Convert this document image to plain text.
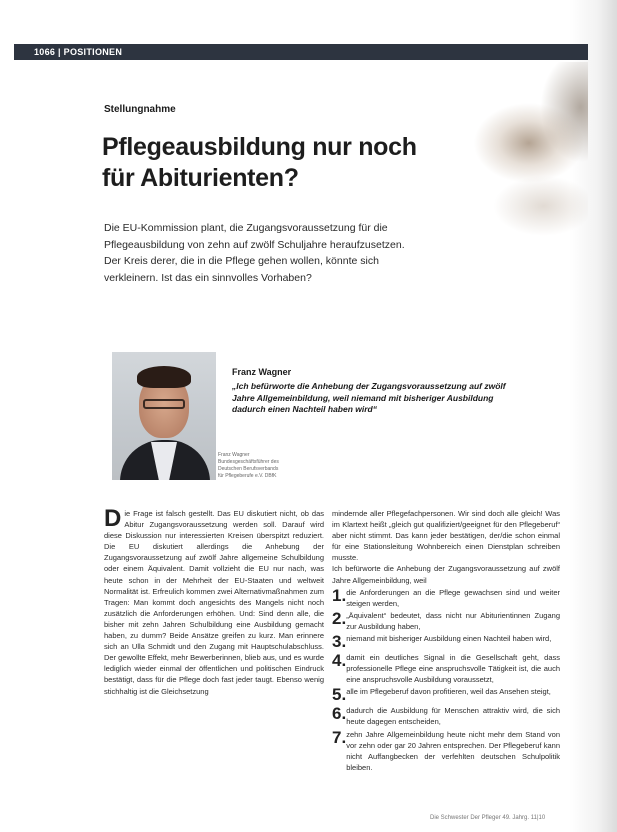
1066 | POSITIONEN
Stellungnahme
Pflegeausbildung nur noch
für Abiturienten?

Die EU-Kommission plant, die Zugangsvoraussetzung für die Pflegeausbildung von zehn auf zwölf Schuljahre heraufzusetzen. Der Kreis derer, die in die Pflege gehen wollen, könnte sich verkleinern. Ist das ein sinnvolles Vorhaben?

Franz Wagner
Bundesgeschäftsführer des
Deutschen Berufsverbands
für Pflegeberufe e.V. DBfK

Franz Wagner

„Ich befürworte die Anhebung der Zugangsvoraussetzung auf zwölf Jahre Allgemeinbildung, weil niemand mit bisheriger Ausbildung dadurch einen Nachteil haben wird“

Die Frage ist falsch gestellt. Das EU diskutiert nicht, ob das Abitur Zugangsvoraussetzung werden soll. Darauf wird diese Diskussion nur interessierten Kreisen überspitzt reduziert. Die EU diskutiert allerdings die Anhebung der Zugangsvoraussetzung auf zwölf Jahre allgemeine Schulbildung oder einem Äquivalent. Damit vollzieht die EU nur nach, was heute schon in der Mehrheit der EU-Staaten und weltweit Normalität ist. Erfreulich kommen zwei Alternativmaßnahmen zum Tragen: Man kommt doch angesichts des Mangels nicht noch zusätzlich die Anforderungen erhöhen. Und: Sind denn alle, die bisher mit zehn Jahren Schulbildung eine Ausbildung gemacht haben, zu dumm? Beide Ansätze greifen zu kurz. Man erinnere sich an Ulla Schmidt und den Zugang mit Hauptschulabschluss. Der gewollte Effekt, mehr Bewerberinnen, blieb aus, und es wurde lediglich wieder einmal der öffentlichen und politischen Eindruck bestätigt, dass für die Pflege doch fast jeder taugt. Ebenso wenig stichhaltig ist die Gleichsetzung

mindernde aller Pflegefachpersonen. Wir sind doch alle gleich! Was im Klartext heißt „gleich gut qualifiziert/geeignet für den Pflegeberuf“ aber nicht stimmt. Das kann jeder bestätigen, der/die schon einmal für eine Stationsleitung Wohnbereich einen Dienstplan schreiben musste.

Ich befürworte die Anhebung der Zugangsvoraussetzung auf zwölf Jahre Allgemeinbildung, weil

1. die Anforderungen an die Pflege gewachsen sind und weiter steigen werden,
2. „Äquivalent“ bedeutet, dass nicht nur Abiturientinnen Zugang zur Ausbildung haben,
3. niemand mit bisheriger Ausbildung einen Nachteil haben wird,
4. damit ein deutliches Signal in die Gesellschaft geht, dass professionelle Pflege eine anspruchsvolle Tätigkeit ist, die auch eine anspruchsvolle Ausbildung voraussetzt,
5. alle im Pflegeberuf davon profitieren, weil das Ansehen steigt,
6. dadurch die Ausbildung für Menschen attraktiv wird, die sich heute dagegen entscheiden,
7. zehn Jahre Allgemeinbildung heute nicht mehr dem Stand von vor zehn oder gar 20 Jahren entsprechen. Der Pflegeberuf kann nicht Auffangbecken der verfehlten deutschen Schulpolitik bleiben.
Die Schwester Der Pfleger 49. Jahrg. 11|10
